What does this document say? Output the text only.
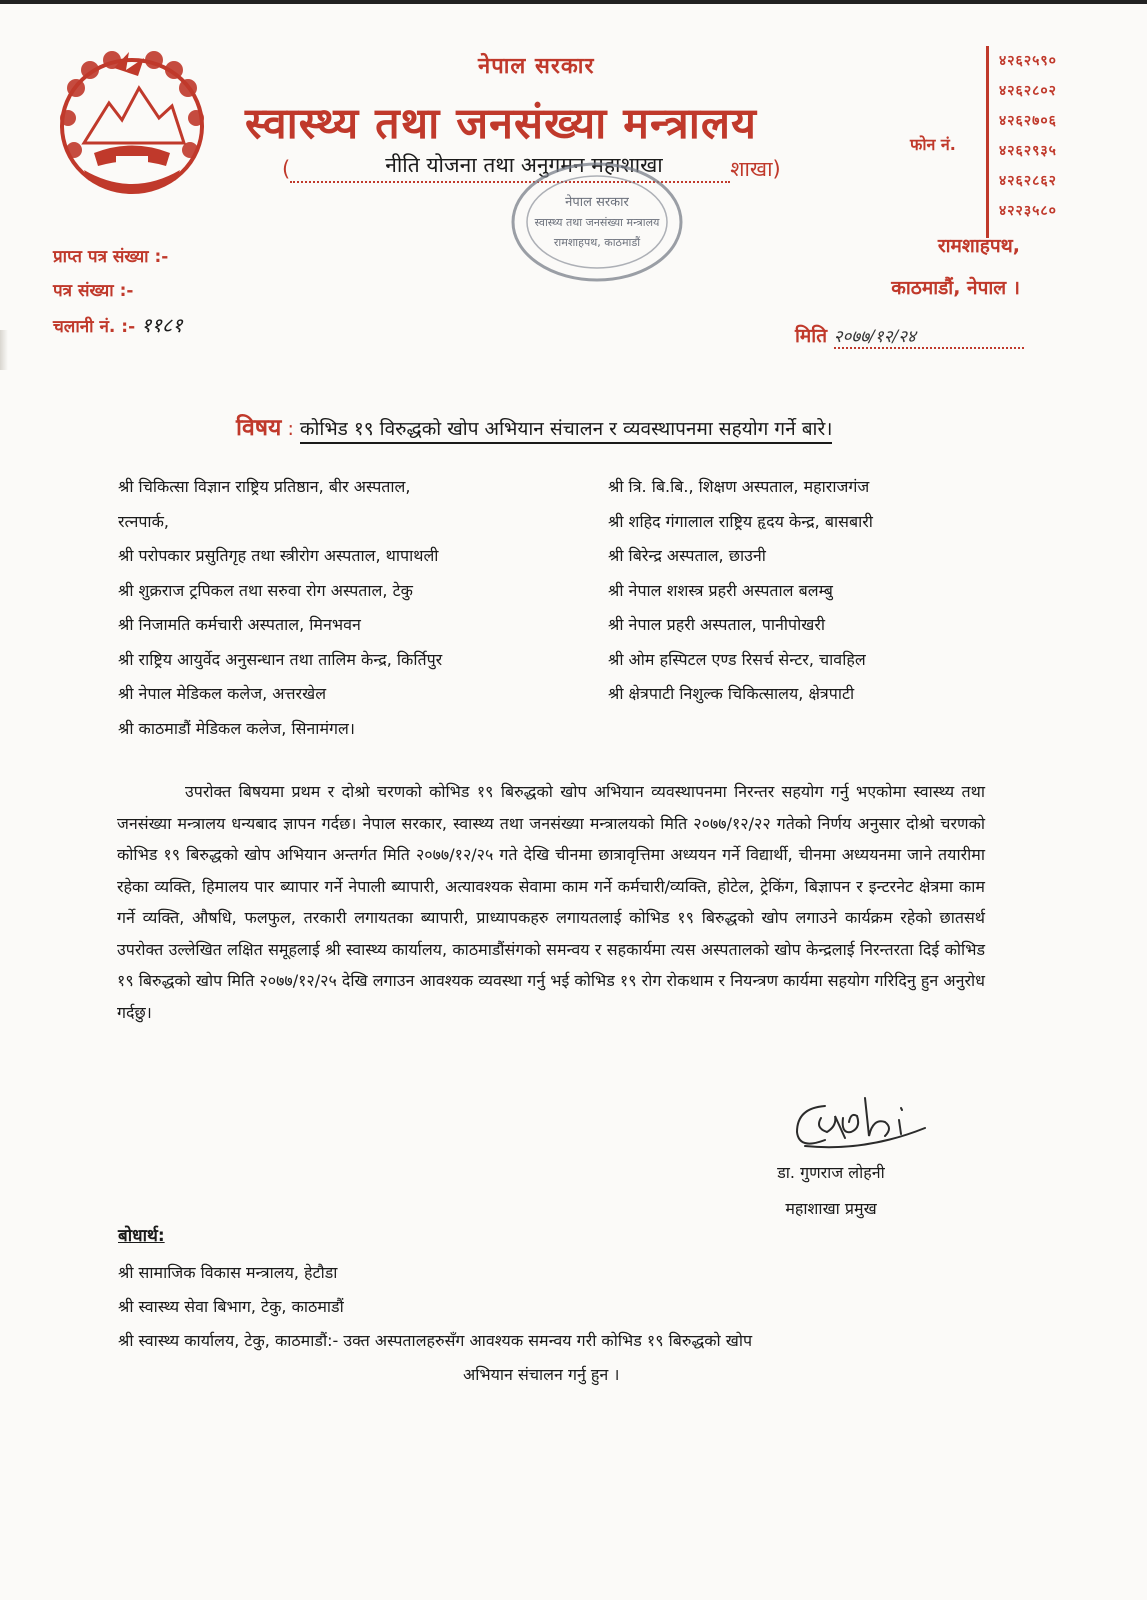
नेपाल सरकार
स्वास्थ्य तथा जनसंख्या मन्त्रालय
(	नीति योजना तथा अनुगमन महाशाखा	शाखा)
फोन नं.
४२६२५९०
४२६२८०२
४२६२७०६
४२६२९३५
४२६२८६२
४२२३५८०
नेपाल सरकार
स्वास्थ्य तथा जनसंख्या मन्त्रालय
रामशाहपथ, काठमाडौं
प्राप्त पत्र संख्या :-
पत्र संख्या :-
चलानी नं. :- ११८१
रामशाहपथ,
काठमाडौं, नेपाल ।
मिति २०७७/१२/२४
विषय : कोभिड १९ विरुद्धको खोप अभियान संचालन र व्यवस्थापनमा सहयोग गर्ने बारे।
श्री चिकित्सा विज्ञान राष्ट्रिय प्रतिष्ठान, बीर अस्पताल,
रत्नपार्क,
श्री परोपकार प्रसुतिगृह तथा स्त्रीरोग अस्पताल, थापाथली
श्री शुक्रराज ट्रपिकल तथा सरुवा रोग अस्पताल, टेकु
श्री निजामति कर्मचारी अस्पताल, मिनभवन
श्री राष्ट्रिय आयुर्वेद अनुसन्धान तथा तालिम केन्द्र, किर्तिपुर
श्री नेपाल मेडिकल कलेज, अत्तरखेल
श्री काठमाडौं मेडिकल कलेज, सिनामंगल।
श्री त्रि. बि.बि., शिक्षण अस्पताल, महाराजगंज
श्री शहिद गंगालाल राष्ट्रिय हृदय केन्द्र, बासबारी
श्री बिरेन्द्र अस्पताल, छाउनी
श्री नेपाल शशस्त्र प्रहरी अस्पताल बलम्बु
श्री नेपाल प्रहरी अस्पताल, पानीपोखरी
श्री ओम हस्पिटल एण्ड रिसर्च सेन्टर, चावहिल
श्री क्षेत्रपाटी निशुल्क चिकित्सालय, क्षेत्रपाटी
उपरोक्त बिषयमा प्रथम र दोश्रो चरणको कोभिड १९ बिरुद्धको खोप अभियान व्यवस्थापनमा निरन्तर सहयोग गर्नु भएकोमा स्वास्थ्य तथा जनसंख्या मन्त्रालय धन्यबाद ज्ञापन गर्दछ। नेपाल सरकार, स्वास्थ्य तथा जनसंख्या मन्त्रालयको मिति २०७७/१२/२२ गतेको निर्णय अनुसार दोश्रो चरणको कोभिड १९ बिरुद्धको खोप अभियान अन्तर्गत मिति २०७७/१२/२५ गते देखि चीनमा छात्रावृत्तिमा अध्ययन गर्ने विद्यार्थी, चीनमा अध्ययनमा जाने तयारीमा रहेका व्यक्ति, हिमालय पार ब्यापार गर्ने नेपाली ब्यापारी, अत्यावश्यक सेवामा काम गर्ने कर्मचारी/व्यक्ति, होटेल, ट्रेकिंग, बिज्ञापन र इन्टरनेट क्षेत्रमा काम गर्ने व्यक्ति, औषधि, फलफुल, तरकारी लगायतका ब्यापारी, प्राध्यापकहरु लगायतलाई कोभिड १९ बिरुद्धको खोप लगाउने कार्यक्रम रहेको छातसर्थ उपरोक्त उल्लेखित लक्षित समूहलाई श्री स्वास्थ्य कार्यालय, काठमाडौंसंगको समन्वय र सहकार्यमा त्यस अस्पतालको खोप केन्द्रलाई निरन्तरता दिई कोभिड १९ बिरुद्धको खोप मिति २०७७/१२/२५ देखि लगाउन आवश्यक व्यवस्था गर्नु भई कोभिड १९ रोग रोकथाम र नियन्त्रण कार्यमा सहयोग गरिदिनु हुन अनुरोध गर्दछु।
डा. गुणराज लोहनी
महाशाखा प्रमुख
बोधार्थ:
श्री सामाजिक विकास मन्त्रालय, हेटौडा
श्री स्वास्थ्य सेवा बिभाग, टेकु, काठमाडौं
श्री स्वास्थ्य कार्यालय, टेकु, काठमाडौं:- उक्त अस्पतालहरुसँग आवश्यक समन्वय गरी कोभिड १९ बिरुद्धको खोप
अभियान संचालन गर्नु हुन ।
